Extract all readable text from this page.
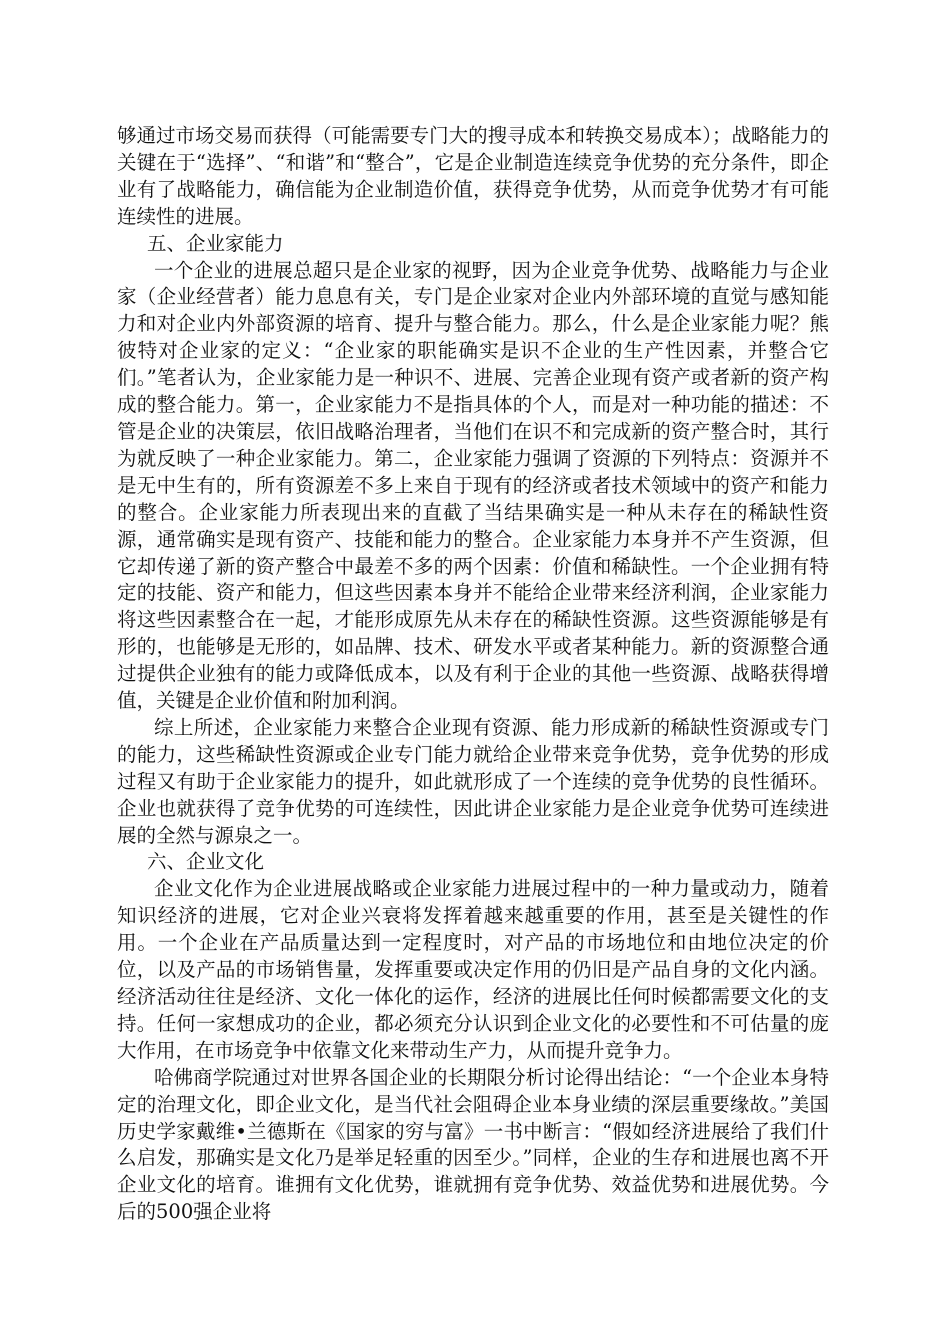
够通过市场交易而获得（可能需要专门大的搜寻成本和转换交易成本）；战略能力的关键在于“选择”、“和谐”和“整合”，它是企业制造连续竞争优势的充分条件，即企业有了战略能力，确信能为企业制造价值，获得竞争优势，从而竞争优势才有可能连续性的进展。

五、企业家能力

一个企业的进展总超只是企业家的视野，因为企业竞争优势、战略能力与企业家（企业经营者）能力息息有关，专门是企业家对企业内外部环境的直觉与感知能力和对企业内外部资源的培育、提升与整合能力。那么，什么是企业家能力呢？熊彼特对企业家的定义：“企业家的职能确实是识不企业的生产性因素，并整合它们。”笔者认为，企业家能力是一种识不、进展、完善企业现有资产或者新的资产构成的整合能力。第一，企业家能力不是指具体的个人，而是对一种功能的描述：不管是企业的决策层，依旧战略治理者，当他们在识不和完成新的资产整合时，其行为就反映了一种企业家能力。第二，企业家能力强调了资源的下列特点：资源并不是无中生有的，所有资源差不多上来自于现有的经济或者技术领域中的资产和能力的整合。企业家能力所表现出来的直截了当结果确实是一种从未存在的稀缺性资源，通常确实是现有资产、技能和能力的整合。企业家能力本身并不产生资源，但它却传递了新的资产整合中最差不多的两个因素：价值和稀缺性。一个企业拥有特定的技能、资产和能力，但这些因素本身并不能给企业带来经济利润，企业家能力将这些因素整合在一起，才能形成原先从未存在的稀缺性资源。这些资源能够是有形的，也能够是无形的，如品牌、技术、研发水平或者某种能力。新的资源整合通过提供企业独有的能力或降低成本，以及有利于企业的其他一些资源、战略获得增值，关键是企业价值和附加利润。

综上所述，企业家能力来整合企业现有资源、能力形成新的稀缺性资源或专门的能力，这些稀缺性资源或企业专门能力就给企业带来竞争优势，竞争优势的形成过程又有助于企业家能力的提升，如此就形成了一个连续的竞争优势的良性循环。企业也就获得了竞争优势的可连续性，因此讲企业家能力是企业竞争优势可连续进展的全然与源泉之一。

六、企业文化

企业文化作为企业进展战略或企业家能力进展过程中的一种力量或动力，随着知识经济的进展，它对企业兴衰将发挥着越来越重要的作用，甚至是关键性的作用。一个企业在产品质量达到一定程度时，对产品的市场地位和由地位决定的价位，以及产品的市场销售量，发挥重要或决定作用的仍旧是产品自身的文化内涵。经济活动往往是经济、文化一体化的运作，经济的进展比任何时候都需要文化的支持。任何一家想成功的企业，都必须充分认识到企业文化的必要性和不可估量的庞大作用，在市场竞争中依靠文化来带动生产力，从而提升竞争力。

哈佛商学院通过对世界各国企业的长期限分析讨论得出结论：“一个企业本身特定的治理文化，即企业文化，是当代社会阻碍企业本身业绩的深层重要缘故。”美国历史学家戴维•兰德斯在《国家的穷与富》一书中断言：“假如经济进展给了我们什么启发，那确实是文化乃是举足轻重的因至少。”同样，企业的生存和进展也离不开企业文化的培育。谁拥有文化优势，谁就拥有竞争优势、效益优势和进展优势。今后的500强企业将
